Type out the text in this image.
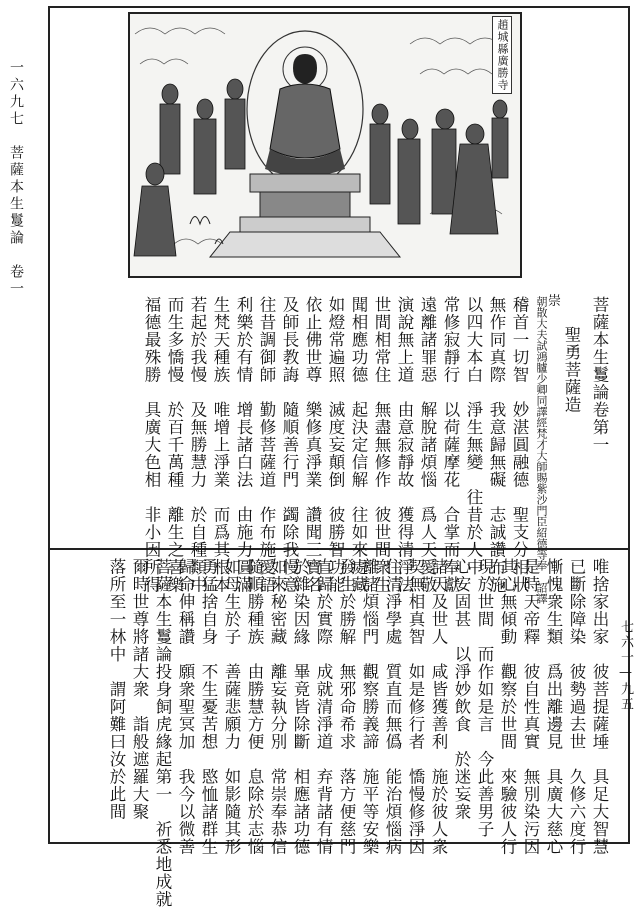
一六九七　菩薩本生鬘論　卷一
七六一—九五
趙城縣廣勝寺
崇 菩薩本生鬘論卷第一
聖勇菩薩造
朝散大夫試鴻臚少卿同譯經梵才大師賜紫沙門臣紹德等奉　詔譯
稽首一切智　妙湛圓融德　聖支分相狀
無作同真際　我意歸無礙　志誠讚布施
以四大本白　淨生無變　往昔於人中
常修寂靜行　以荷薩摩花　合掌而奉獻
遠離諸罪惡　解脫諸煩惱　爲人天愛敬
演說無上道　由意寂靜故　獲得清淨法
世間相常住　無盡無修作　彼世間衆生
聞相應功德　起決定信解　往如來處藏
如燈常遍照　滅度妄顛倒　彼勝智功能
依止佛世尊　樂修真淨業　讚聞三寶名
及師長教誨　隨順善行門　蠲除我慢意
往昔調御師　勤修菩薩道　作布施愛語
利樂於有情　增長諸白法　由施力圓滿
生梵天種族　唯增上淨業　而爲其根本
若起於我慢　及無勝慧力　於自種類中
而生多憍慢　於百千萬種　離生之喜樂
福德最殊勝　具廣大色相　非小因所得
唯捨家出家　彼菩提薩埵　具足大智慧
已斷除障染　彼勢過去世　久修六度行
慚愧衆生類　爲出離邊見　具廣大慈心
是時天帝釋　彼自性真實　無別染污因
其心無傾動　觀察於世間　來驗彼人行
現於世間　而作如是言　今此善男子
心安固甚　以淨妙飲食　於迷妄衆
諸天及世人　咸皆獲善利　施於彼人衆
契無相真智　如是修行者　憍慢修淨因
住清淨學處　質直而無僞　能治煩惱病
離諸煩惱門　觀察勝義諦　施平等安樂
發生於勝解　無邪命希求　落方便慈門
直歸於實際　成就清淨道　弃背諸有情
於雜染因緣　畢竟皆除斷　相應諸功德
如來秘密藏　離妄執分別　常崇奉恭信
隨順勝種族　由勝慧方便　息除於志惱
如母生於子　善薩悲願力　如影隨其形
勇猛捨自身　不生憂苦想　愍恤諸群生
歸命伸稱讚　願衆聖冥加　我今以微善
菩薩本生鬘論投身飼虎緣起第一　祈悉地成就
爾時世尊將諸大衆　詣般遮羅大聚
落所至一林中　謂阿難曰汝於此間
